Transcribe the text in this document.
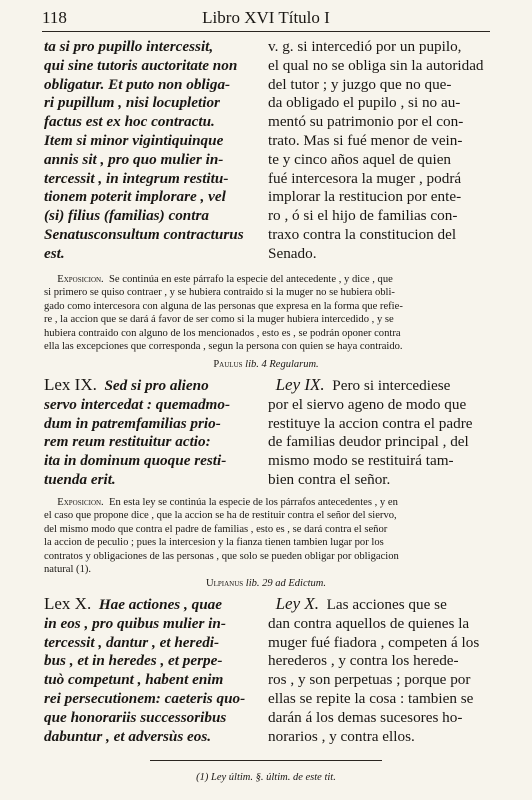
118	Libro XVI Título I
ta si pro pupillo intercessit,
qui sine tutoris auctoritate non
obligatur. Et puto non obliga-
ri pupillum , nisi locupletior
factus est ex hoc contractu.
Item si minor vigintiquinque
annis sit , pro quo mulier in-
tercessit , in integrum restitu-
tionem poterit implorare , vel
(si) filius (familias) contra
Senatusconsultum contracturus
est.
v. g. si intercedió por un pupilo,
el qual no se obliga sin la autoridad
del tutor ; y juzgo que no que-
da obligado el pupilo , si no au-
mentó su patrimonio por el con-
trato. Mas si fué menor de vein-
te y cinco años aquel de quien
fué intercesora la muger , podrá
implorar la restitucion por ente-
ro , ó si el hijo de familias con-
traxo contra la constitucion del
Senado.
Exposicion. Se continúa en este párrafo la especie del antecedente , y dice , que
si primero se quiso contraer , y se hubiera contraido si la muger no se hubiera obli-
gado como intercesora con alguna de las personas que expresa en la forma que refie-
re , la accion que se dará á favor de ser como si la muger hubiera intercedido , y se
hubiera contraido con alguno de los mencionados , esto es , se podrán oponer contra
ella las excepciones que corresponda , segun la persona con quien se haya contraido.
Paulus lib. 4 Regularum.
Lex IX. Sed si pro alieno
servo intercedat : quemadmo-
dum in patremfamilias prio-
rem reum restituitur actio:
ita in dominum quoque resti-
tuenda erit.
Ley IX. Pero si intercediese
por el siervo ageno de modo que
restituye la accion contra el padre
de familias deudor principal , del
mismo modo se restituirá tam-
bien contra el señor.
Exposicion. En esta ley se continúa la especie de los párrafos antecedentes , y en
el caso que propone dice , que la accion se ha de restituir contra el señor del siervo,
del mismo modo que contra el padre de familias , esto es , se dará contra el señor
la accion de peculio ; pues la intercesion y la fianza tienen tambien lugar por los
contratos y obligaciones de las personas , que solo se pueden obligar por obligacion
natural (1).
Ulpianus lib. 29 ad Edictum.
Lex X. Hae actiones , quae
in eos , pro quibus mulier in-
tercessit , dantur , et heredi-
bus , et in heredes , et perpe-
tuò competunt , habent enim
rei persecutionem: caeteris quo-
que honorariis successoribus
dabuntur , et adversùs eos.
Ley X. Las acciones que se
dan contra aquellos de quienes la
muger fué fiadora , competen á los
herederos , y contra los herede-
ros , y son perpetuas ; porque por
ellas se repite la cosa : tambien se
darán á los demas sucesores ho-
norarios , y contra ellos.
(1) Ley últim. §. últim. de este tit.
